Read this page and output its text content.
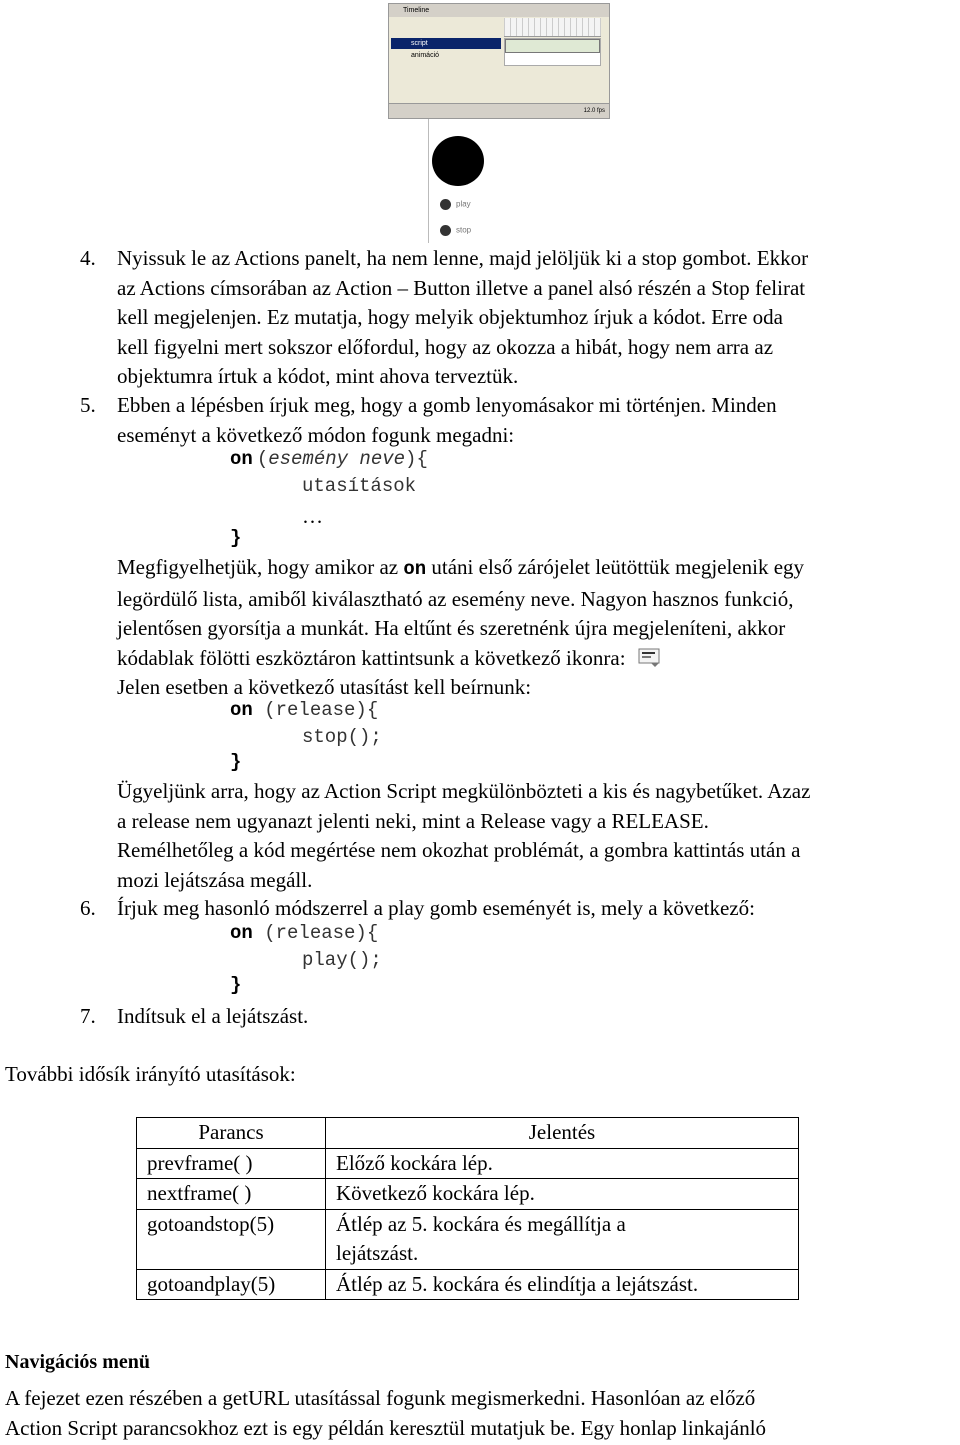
Timeline
script
animáció
12.0 fps
play
stop
4. Nyissuk le az Actions panelt, ha nem lenne, majd jelöljük ki a stop gombot. Ekkor
az Actions címsorában az Action – Button illetve a panel alsó részén a Stop felirat
kell megjelenjen. Ez mutatja, hogy melyik objektumhoz írjuk a kódot. Erre oda
kell figyelni mert sokszor előfordul, hogy az okozza a hibát, hogy nem arra az
objektumra írtuk a kódot, mint ahova terveztük.
5. Ebben a lépésben írjuk meg, hogy a gomb lenyomásakor mi történjen. Minden
eseményt a következő módon fogunk megadni:
on (esemény neve){
utasítások
…
}
Megfigyelhetjük, hogy amikor az on utáni első zárójelet leütöttük megjelenik egy
legördülő lista, amiből kiválasztható az esemény neve. Nagyon hasznos funkció,
jelentősen gyorsítja a munkát. Ha eltűnt és szeretnénk újra megjeleníteni, akkor
kódablak fölötti eszköztáron kattintsunk a következő ikonra:
Jelen esetben a következő utasítást kell beírnunk:
on (release){
stop();
}
Ügyeljünk arra, hogy az Action Script megkülönbözteti a kis és nagybetűket. Azaz
a release nem ugyanazt jelenti neki, mint a Release vagy a RELEASE.
Remélhetőleg a kód megértése nem okozhat problémát, a gombra kattintás után a
mozi lejátszása megáll.
6. Írjuk meg hasonló módszerrel a play gomb eseményét is, mely a következő:
on (release){
play();
}
7. Indítsuk el a lejátszást.
További idősík irányító utasítások:
Parancs	Jelentés
prevframe( )	Előző kockára lép.
nextframe( )	Következő kockára lép.
gotoandstop(5)	Átlép az 5. kockára és megállítja a lejátszást.
gotoandplay(5)	Átlép az 5. kockára és elindítja a lejátszást.
Navigációs menü
A fejezet ezen részében a getURL utasítással fogunk megismerkedni. Hasonlóan az előző
Action Script parancsokhoz ezt is egy példán keresztül mutatjuk be. Egy honlap linkajánló
